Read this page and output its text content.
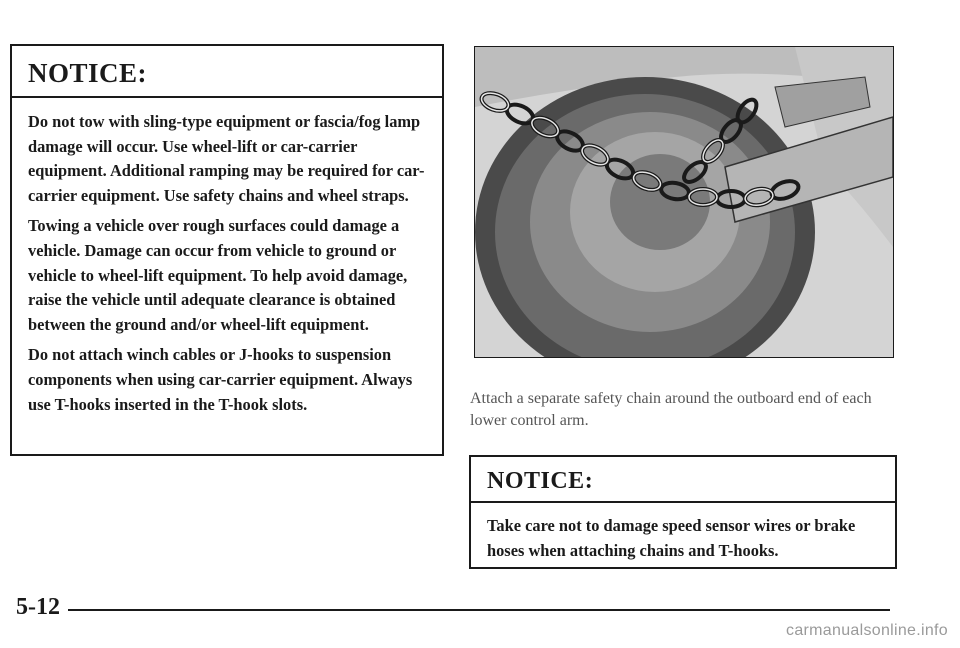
NOTICE:

Do not tow with sling-type equipment or fascia/fog lamp damage will occur. Use wheel-lift or car-carrier equipment. Additional ramping may be required for car-carrier equipment. Use safety chains and wheel straps.

Towing a vehicle over rough surfaces could damage a vehicle. Damage can occur from vehicle to ground or vehicle to wheel-lift equipment. To help avoid damage, raise the vehicle until adequate clearance is obtained between the ground and/or wheel-lift equipment.

Do not attach winch cables or J-hooks to suspension components when using car-carrier equipment. Always use T-hooks inserted in the T-hook slots.	Attach a separate safety chain around the outboard end of each lower control arm.
NOTICE:
Take care not to damage speed sensor wires or brake hoses when attaching chains and T-hooks.
5-12
carmanualsonline.info
